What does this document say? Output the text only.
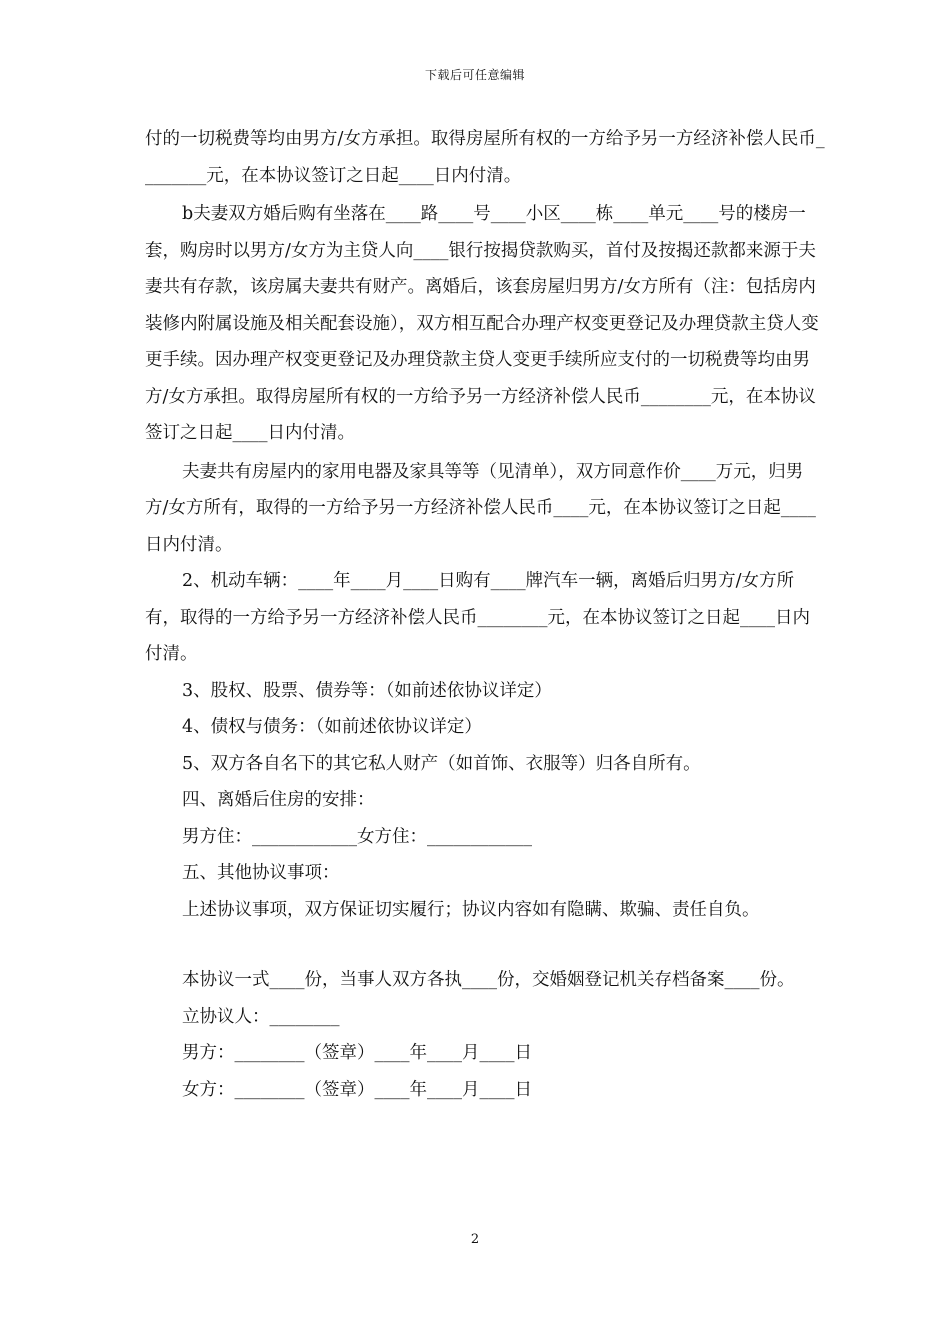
下载后可任意编辑

付的一切税费等均由男方/女方承担。取得房屋所有权的一方给予另一方经济补偿人民币________元，在本协议签订之日起____日内付清。

b夫妻双方婚后购有坐落在____路____号____小区____栋____单元____号的楼房一套，购房时以男方/女方为主贷人向____银行按揭贷款购买，首付及按揭还款都来源于夫妻共有存款，该房属夫妻共有财产。离婚后，该套房屋归男方/女方所有（注：包括房内装修内附属设施及相关配套设施），双方相互配合办理产权变更登记及办理贷款主贷人变更手续。因办理产权变更登记及办理贷款主贷人变更手续所应支付的一切税费等均由男方/女方承担。取得房屋所有权的一方给予另一方经济补偿人民币________元，在本协议签订之日起____日内付清。

夫妻共有房屋内的家用电器及家具等等（见清单），双方同意作价____万元，归男方/女方所有，取得的一方给予另一方经济补偿人民币____元，在本协议签订之日起____日内付清。

2、机动车辆：____年____月____日购有____牌汽车一辆，离婚后归男方/女方所有，取得的一方给予另一方经济补偿人民币________元，在本协议签订之日起____日内付清。

3、股权、股票、债券等：（如前述依协议详定）

4、债权与债务：（如前述依协议详定）

5、双方各自名下的其它私人财产（如首饰、衣服等）归各自所有。

四、离婚后住房的安排：

男方住：____________女方住：____________

五、其他协议事项：

上述协议事项，双方保证切实履行；协议内容如有隐瞒、欺骗、责任自负。

本协议一式____份，当事人双方各执____份，交婚姻登记机关存档备案____份。

立协议人：________

男方：________（签章）____年____月____日

女方：________（签章）____年____月____日

2
